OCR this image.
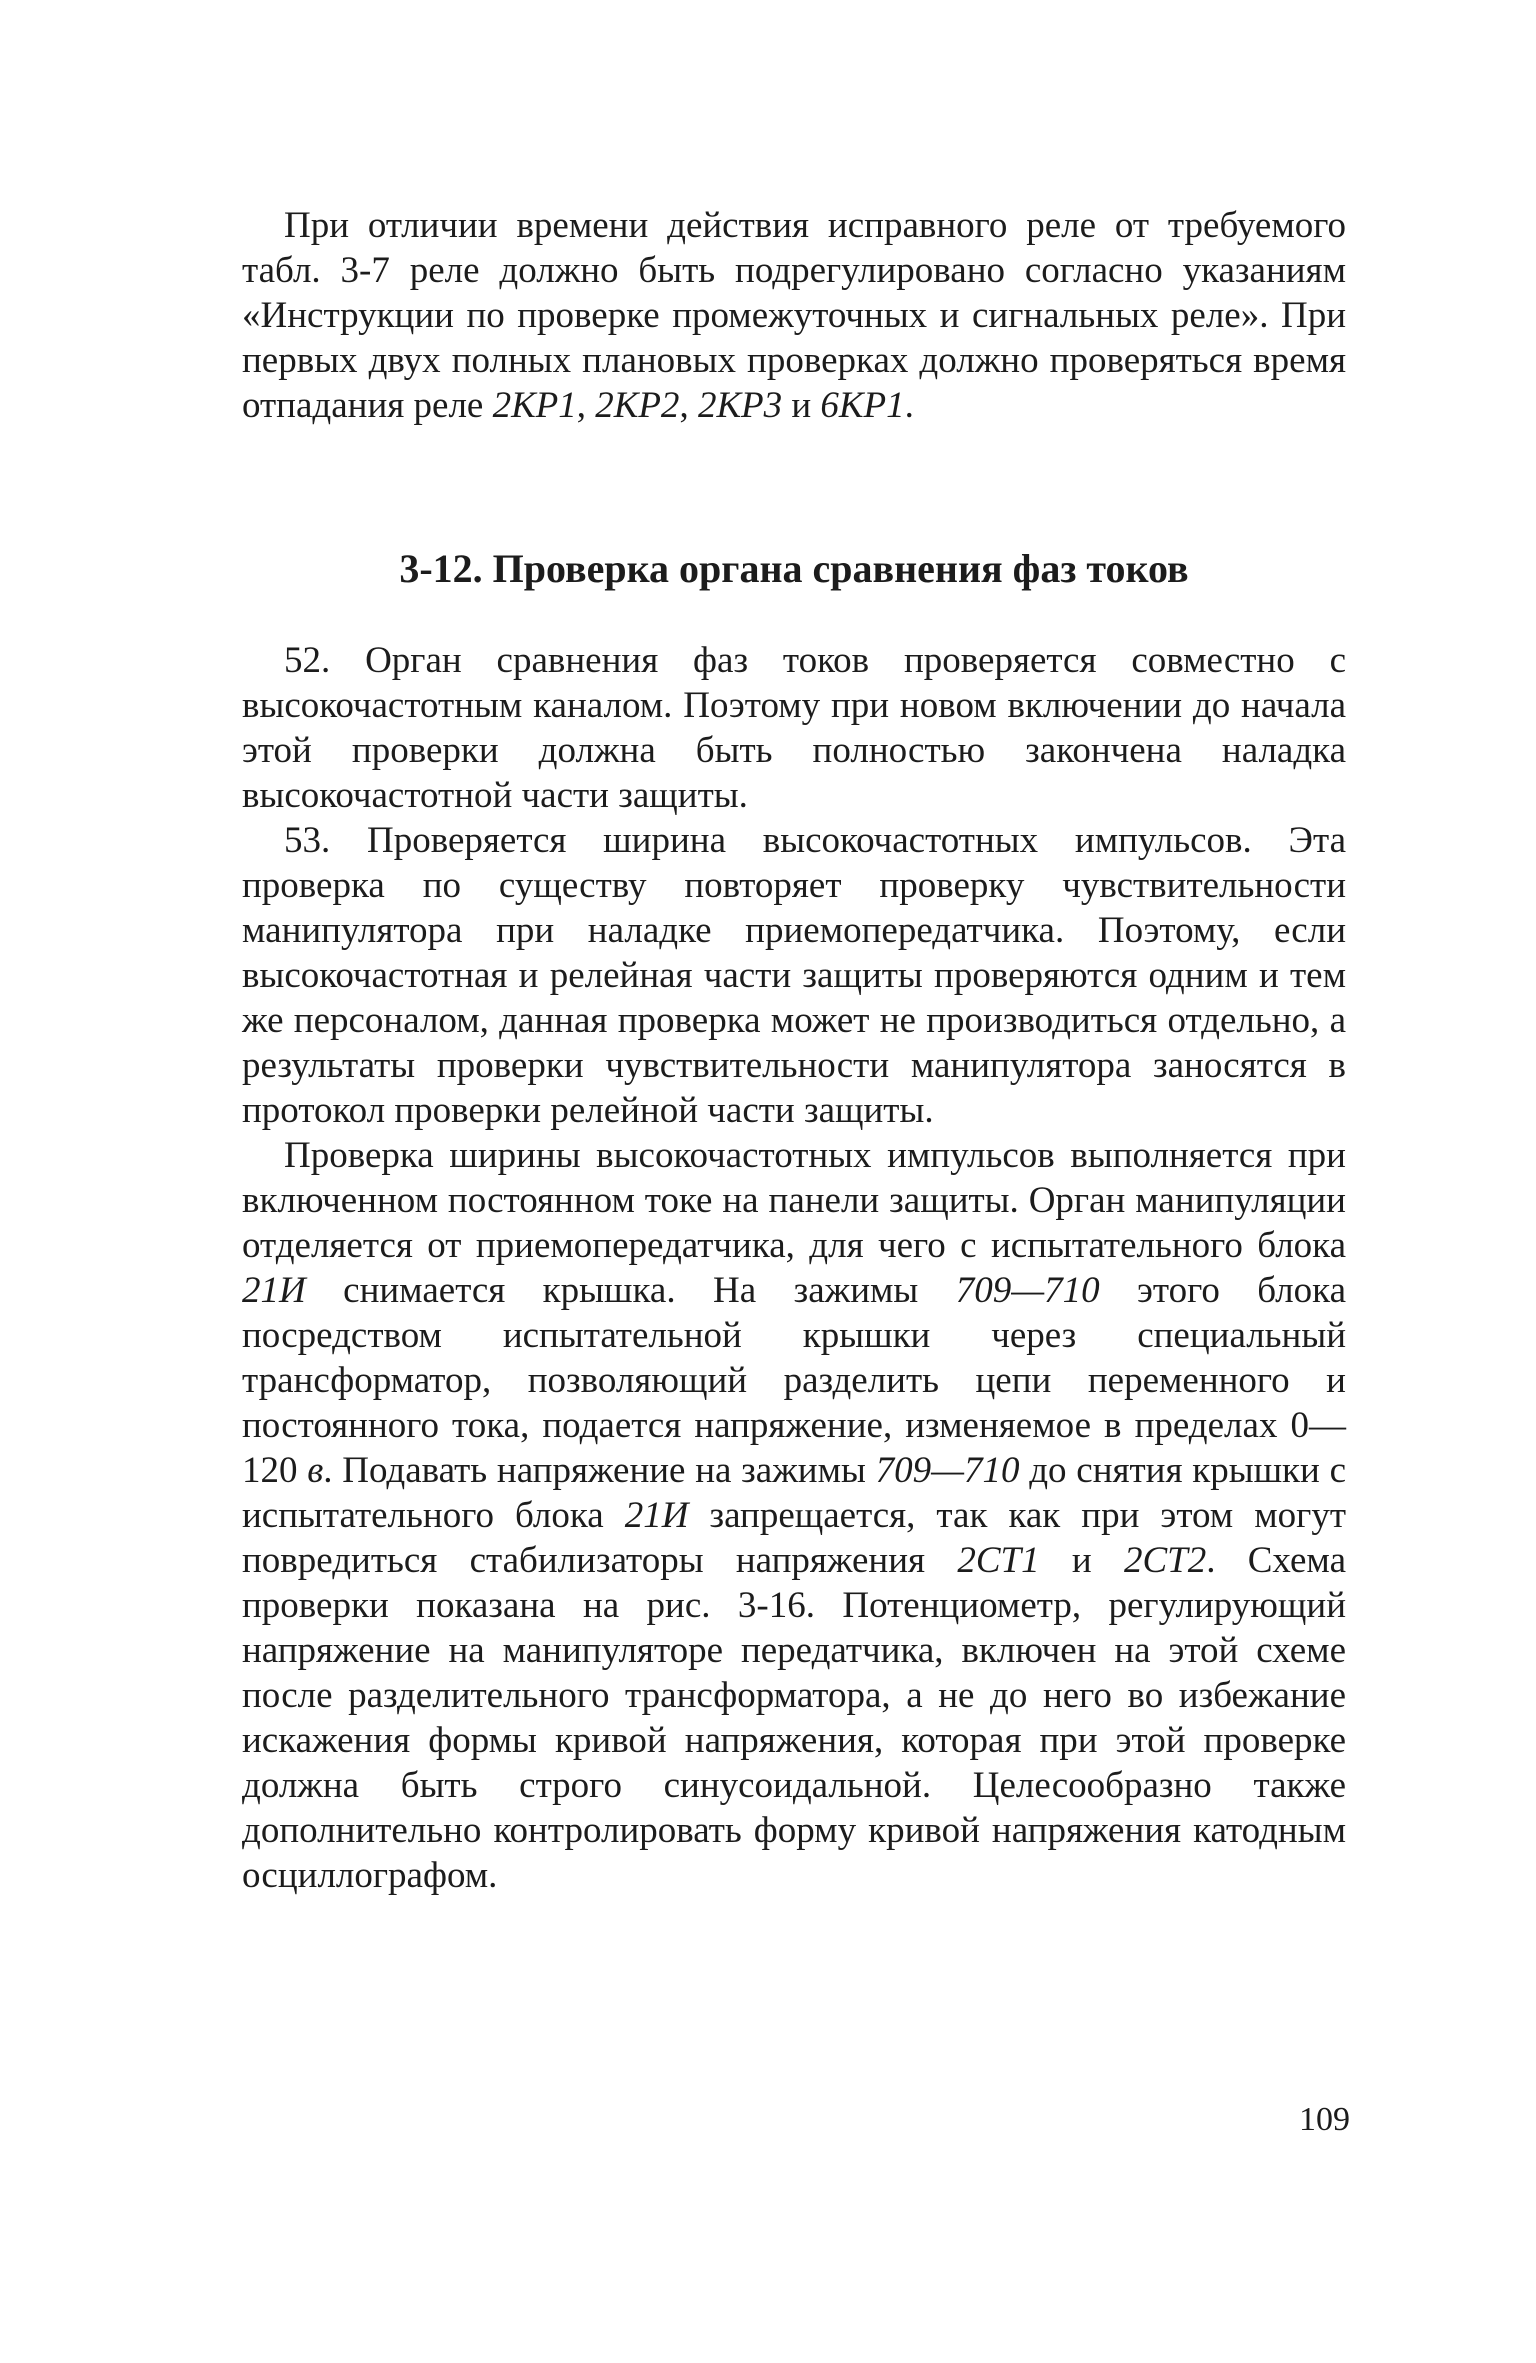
При отличии времени действия исправного реле от требуемого табл. 3-7 реле должно быть подрегулировано согласно указаниям «Инструкции по проверке промежуточных и сигнальных реле». При первых двух полных плановых проверках должно проверяться время отпадания реле 2КР1, 2КР2, 2КР3 и 6КР1.

3-12. Проверка органа сравнения фаз токов

52. Орган сравнения фаз токов проверяется совместно с высокочастотным каналом. Поэтому при новом включении до начала этой проверки должна быть полностью закончена наладка высокочастотной части защиты.

53. Проверяется ширина высокочастотных импульсов. Эта проверка по существу повторяет проверку чувствительности манипулятора при наладке приемопередатчика. Поэтому, если высокочастотная и релейная части защиты проверяются одним и тем же персоналом, данная проверка может не производиться отдельно, а результаты проверки чувствительности манипулятора заносятся в протокол проверки релейной части защиты.

Проверка ширины высокочастотных импульсов выполняется при включенном постоянном токе на панели защиты. Орган манипуляции отделяется от приемопередатчика, для чего с испытательного блока 21И снимается крышка. На зажимы 709—710 этого блока посредством испытательной крышки через специальный трансформатор, позволяющий разделить цепи переменного и постоянного тока, подается напряжение, изменяемое в пределах 0—120 в. Подавать напряжение на зажимы 709—710 до снятия крышки с испытательного блока 21И запрещается, так как при этом могут повредиться стабилизаторы напряжения 2СТ1 и 2СТ2. Схема проверки показана на рис. 3-16. Потенциометр, регулирующий напряжение на манипуляторе передатчика, включен на этой схеме после разделительного трансформатора, а не до него во избежание искажения формы кривой напряжения, которая при этой проверке должна быть строго синусоидальной. Целесообразно также дополнительно контролировать форму кривой напряжения катодным осциллографом.

109
